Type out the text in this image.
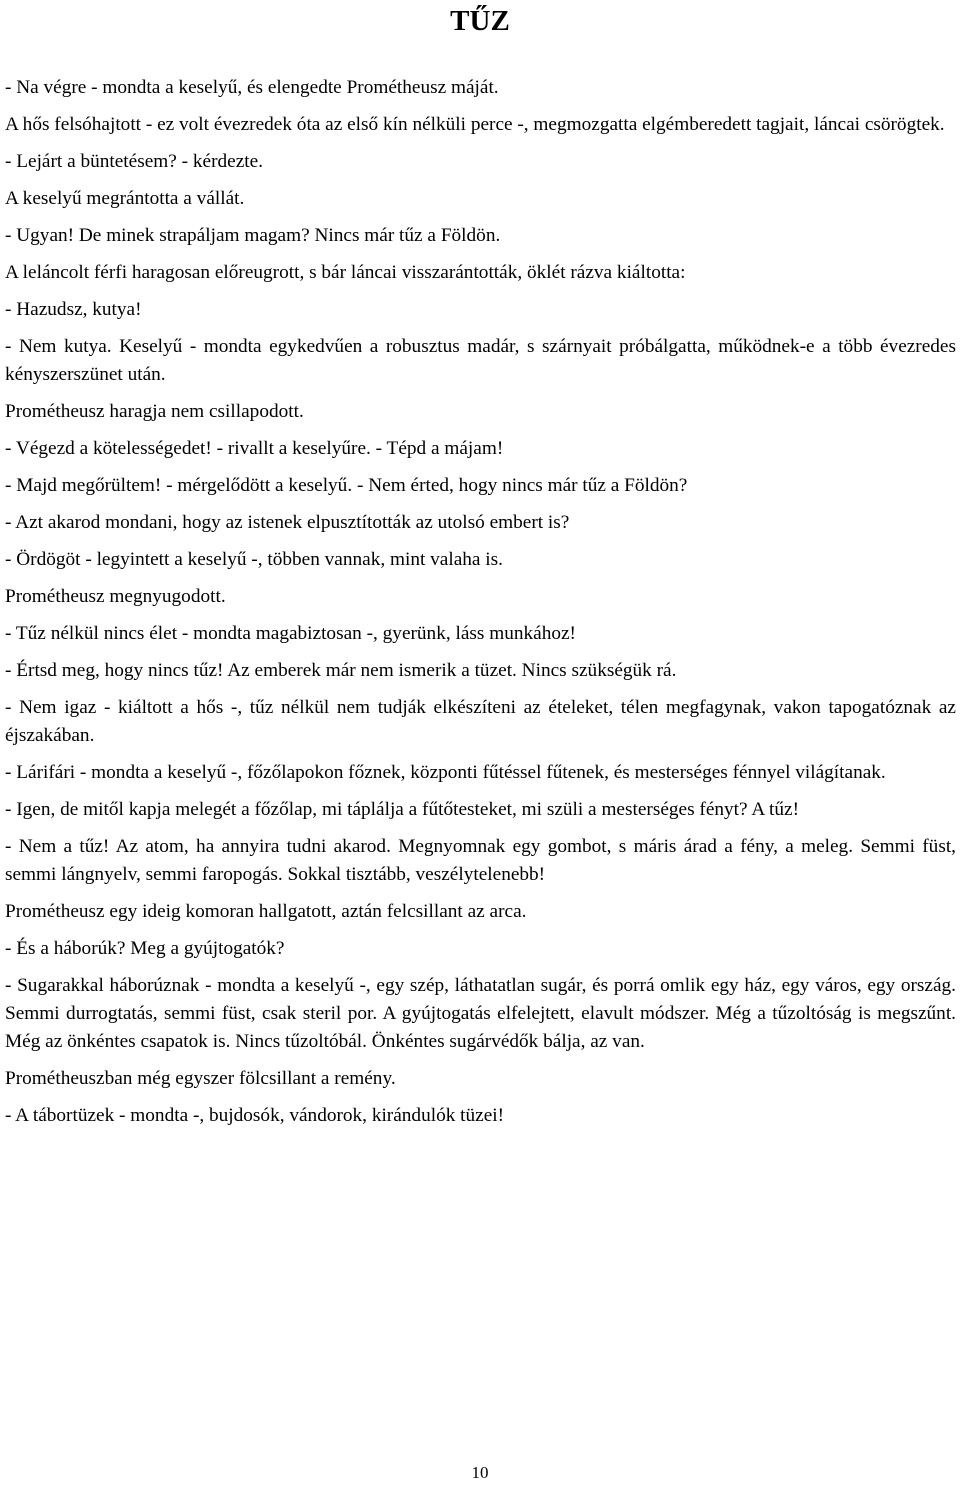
TŰZ

- Na végre - mondta a keselyű, és elengedte Prométheusz máját.

A hős felsóhajtott - ez volt évezredek óta az első kín nélküli perce -, megmozgatta elgémberedett tagjait, láncai csörögtek.

- Lejárt a büntetésem? - kérdezte.

A keselyű megrántotta a vállát.

- Ugyan! De minek strapáljam magam? Nincs már tűz a Földön.

A leláncolt férfi haragosan előreugrott, s bár láncai visszarántották, öklét rázva kiáltotta:

- Hazudsz, kutya!

- Nem kutya. Keselyű - mondta egykedvűen a robusztus madár, s szárnyait próbálgatta, működnek-e a több évezredes kényszerszünet után.

Prométheusz haragja nem csillapodott.

- Végezd a kötelességedet! - rivallt a keselyűre. - Tépd a májam!

- Majd megőrültem! - mérgelődött a keselyű. - Nem érted, hogy nincs már tűz a Földön?

- Azt akarod mondani, hogy az istenek elpusztították az utolsó embert is?

- Ördögöt - legyintett a keselyű -, többen vannak, mint valaha is.

Prométheusz megnyugodott.

- Tűz nélkül nincs élet - mondta magabiztosan -, gyerünk, láss munkához!

- Értsd meg, hogy nincs tűz! Az emberek már nem ismerik a tüzet. Nincs szükségük rá.

- Nem igaz - kiáltott a hős -, tűz nélkül nem tudják elkészíteni az ételeket, télen megfagynak, vakon tapogatóznak az éjszakában.

- Lárifári - mondta a keselyű -, főzőlapokon főznek, központi fűtéssel fűtenek, és mesterséges fénnyel világítanak.

- Igen, de mitől kapja melegét a főzőlap, mi táplálja a fűtőtesteket, mi szüli a mesterséges fényt? A tűz!

- Nem a tűz! Az atom, ha annyira tudni akarod. Megnyomnak egy gombot, s máris árad a fény, a meleg. Semmi füst, semmi lángnyelv, semmi faropogás. Sokkal tisztább, veszélytelenebb!

Prométheusz egy ideig komoran hallgatott, aztán felcsillant az arca.

- És a háborúk? Meg a gyújtogatók?

- Sugarakkal háborúznak - mondta a keselyű -, egy szép, láthatatlan sugár, és porrá omlik egy ház, egy város, egy ország. Semmi durrogtatás, semmi füst, csak steril por. A gyújtogatás elfelejtett, elavult módszer. Még a tűzoltóság is megszűnt. Még az önkéntes csapatok is. Nincs tűzoltóbál. Önkéntes sugárvédők bálja, az van.

Prométheuszban még egyszer fölcsillant a remény.

- A tábortüzek - mondta -, bujdosók, vándorok, kirándulók tüzei!

10
